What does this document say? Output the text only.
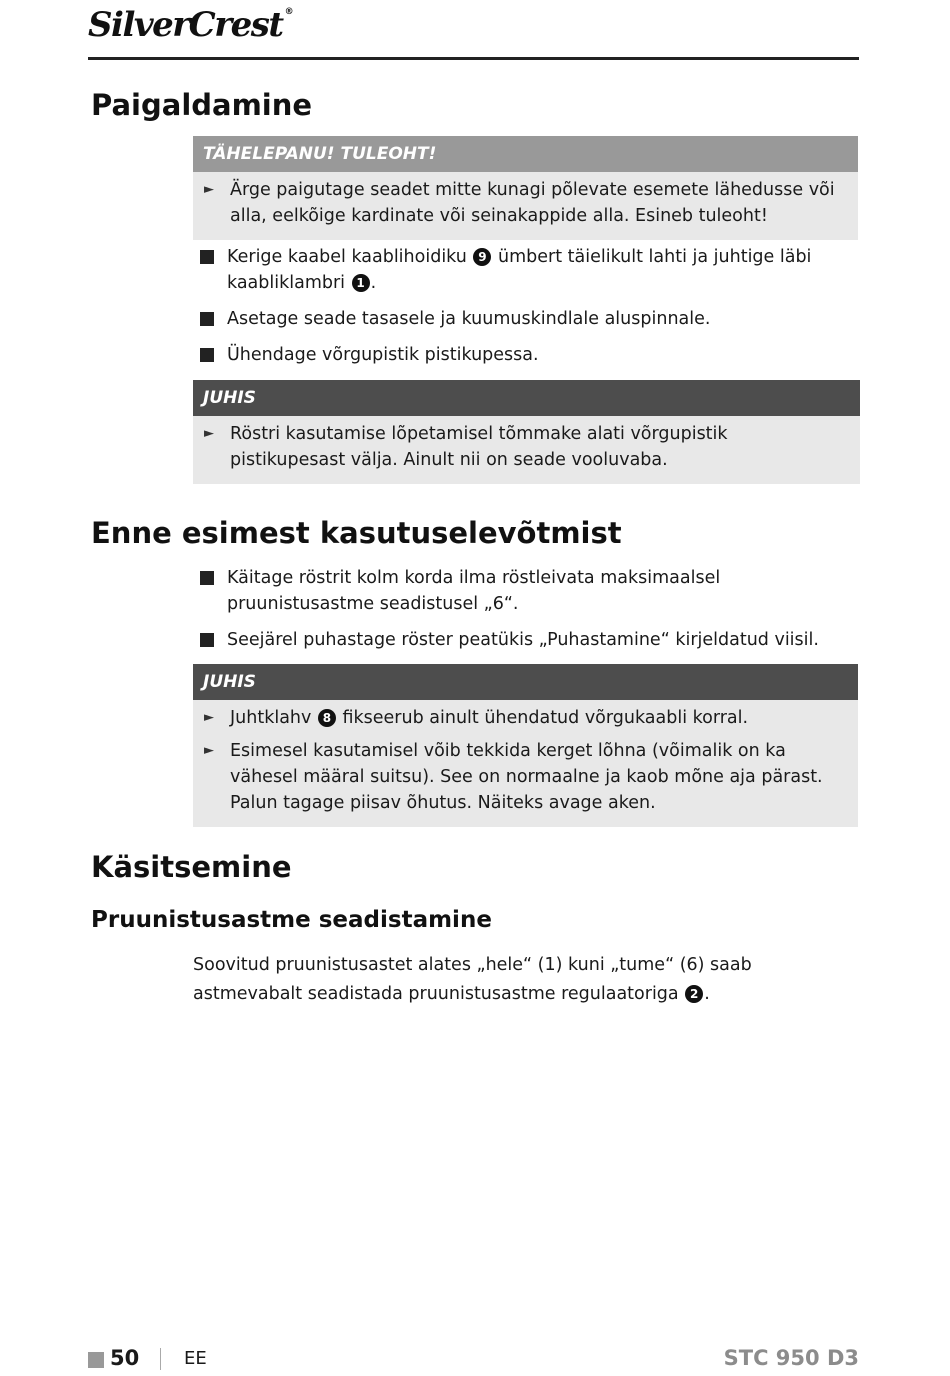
SilverCrest ®
Paigaldamine
TÄHELEPANU! TULEOHT!
► Ärge paigutage seadet mitte kunagi põlevate esemete lähedusse või alla, eelkõige kardinate või seinakappide alla. Esineb tuleoht!
Kerige kaabel kaablihoidiku 9 ümbert täielikult lahti ja juhtige läbi kaabliklambri 1 .
Asetage seade tasasele ja kuumuskindlale aluspinnale.
Ühendage võrgupistik pistikupessa.
JUHIS
► Röstri kasutamise lõpetamisel tõmmake alati võrgupistik pistikupesast välja. Ainult nii on seade vooluvaba.
Enne esimest kasutuselevõtmist
Käitage röstrit kolm korda ilma röstleivata maksimaalsel pruunistusastme seadistusel „6“.
Seejärel puhastage röster peatükis „Puhastamine“ kirjeldatud viisil.
JUHIS
► Juhtklahv 8 fikseerub ainult ühendatud võrgukaabli korral.
► Esimesel kasutamisel võib tekkida kerget lõhna (võimalik on ka vähesel määral suitsu). See on normaalne ja kaob mõne aja pärast. Palun tagage piisav õhutus. Näiteks avage aken.
Käsitsemine
Pruunistusastme seadistamine
Soovitud pruunistusastet alates „hele“ (1) kuni „tume“ (6) saab astmevabalt seadistada pruunistusastme regulaatoriga 2 .
50 EE	STC 950 D3
